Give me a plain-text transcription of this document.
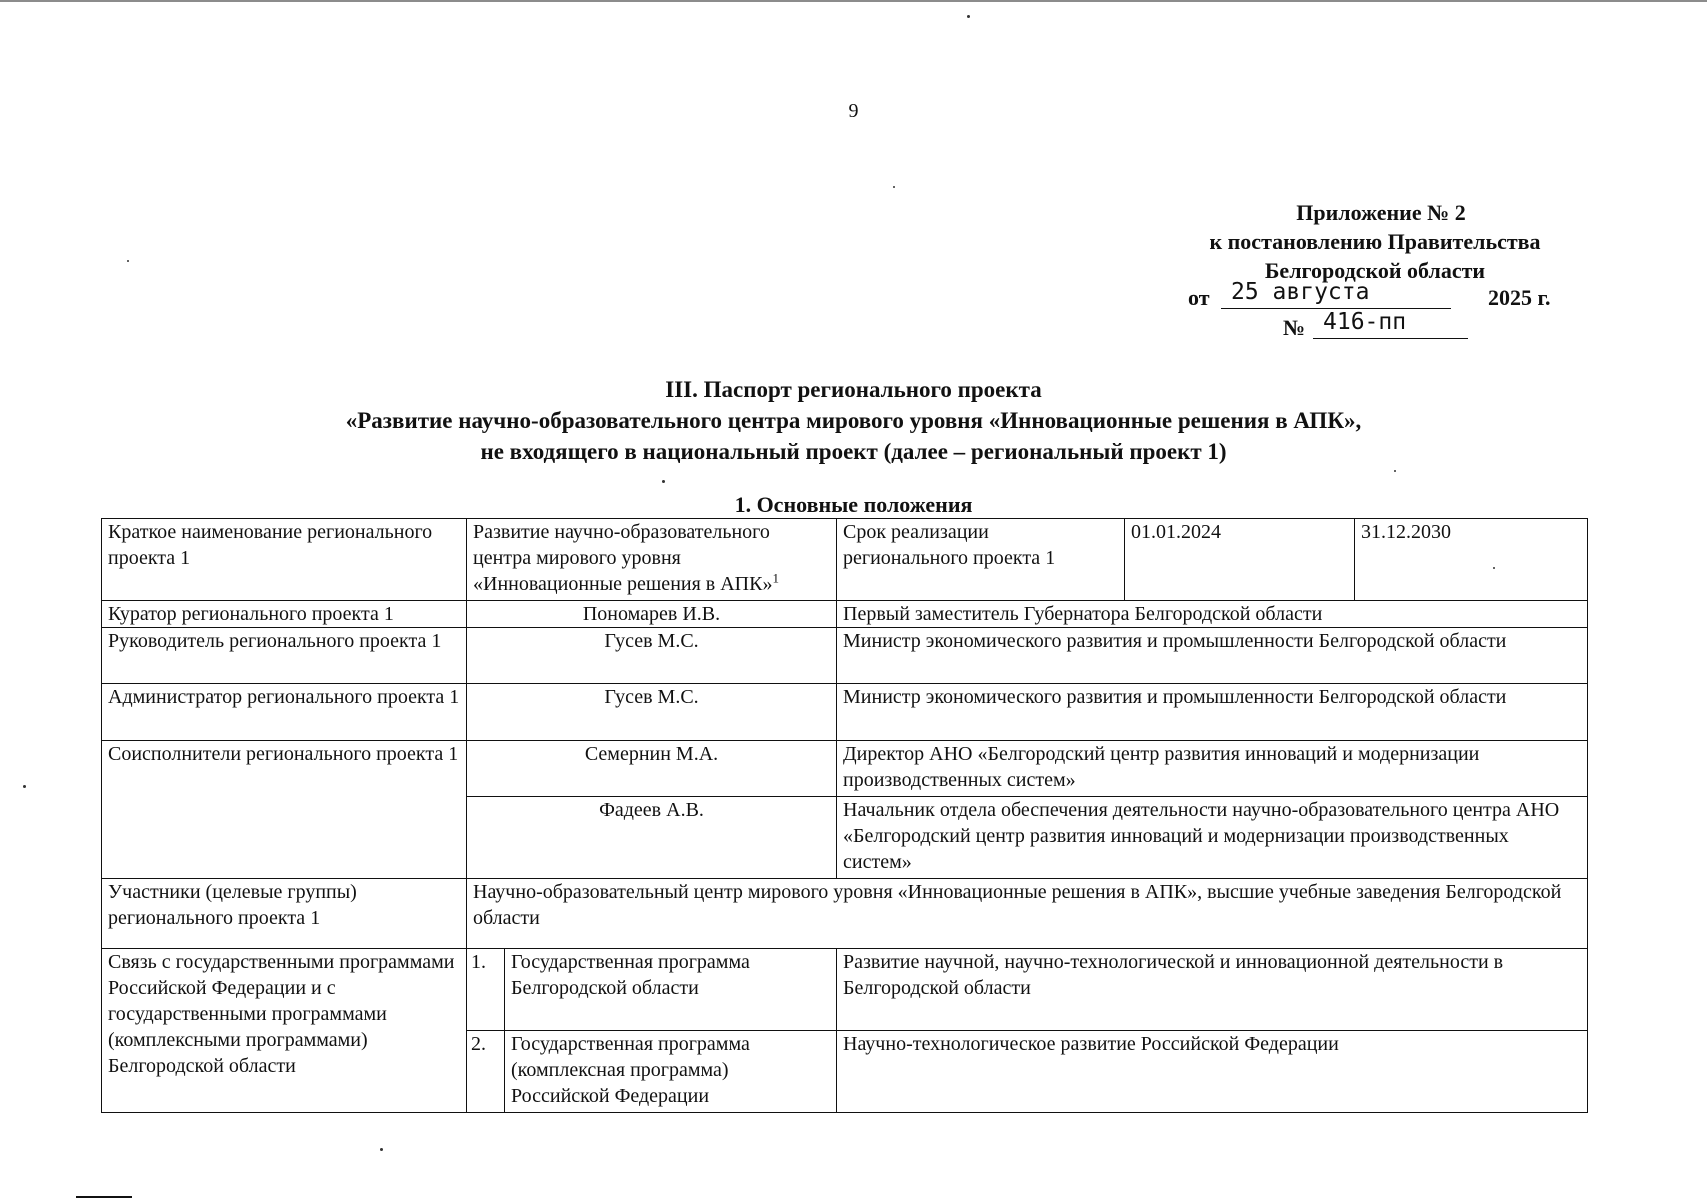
9
Приложение № 2
к постановлению Правительства
Белгородской области
от 25 августа	2025 г.
№ 416-пп
III. Паспорт регионального проекта
«Развитие научно-образовательного центра мирового уровня «Инновационные решения в АПК»,
не входящего в национальный проект (далее – региональный проект 1)
1. Основные положения
Краткое наименование регионального проекта 1	Развитие научно-образовательного центра мирового уровня «Инновационные решения в АПК»$^1$		Срок реализации регионального проекта 1	01.01.2024	31.12.2030
Куратор регионального проекта 1	Пономарев И.В.		Первый заместитель Губернатора Белгородской области		
Руководитель регионального проекта 1	Гусев М.С.		Министр экономического развития и промышленности Белгородской области		
Администратор регионального проекта 1	Гусев М.С.		Министр экономического развития и промышленности Белгородской области		
Соисполнители регионального проекта 1	Семернин М.А.		Директор АНО «Белгородский центр развития инноваций и модернизации производственных систем»		
	Фадеев А.В.		Начальник отдела обеспечения деятельности научно-образовательного центра АНО «Белгородский центр развития инноваций и модернизации производственных систем»		
Участники (целевые группы) регионального проекта 1	Научно-образовательный центр мирового уровня «Инновационные решения в АПК», высшие учебные заведения Белгородской области				
Связь с государственными программами Российской Федерации и с государственными программами (комплексными программами) Белгородской области	1.	Государственная программа Белгородской области	Развитие научной, научно-технологической и инновационной деятельности в Белгородской области		
	2.	Государственная программа (комплексная программа) Российской Федерации	Научно-технологическое развитие Российской Федерации		
